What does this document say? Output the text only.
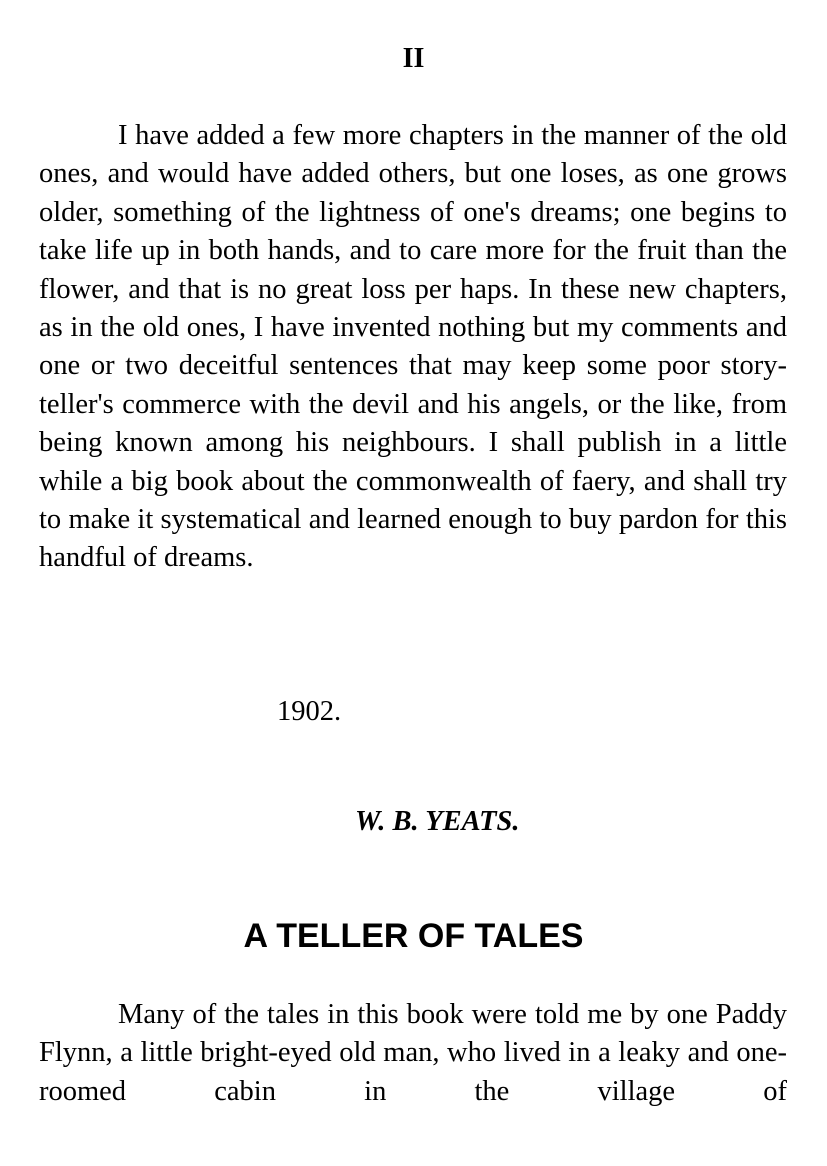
II

I have added a few more chapters in the manner of the old ones, and would have added others, but one loses, as one grows older, something of the lightness of one's dreams; one begins to take life up in both hands, and to care more for the fruit than the flower, and that is no great loss per haps. In these new chapters, as in the old ones, I have invented nothing but my comments and one or two deceitful sentences that may keep some poor story-teller's commerce with the devil and his angels, or the like, from being known among his neighbours. I shall publish in a little while a big book about the commonwealth of faery, and shall try to make it systematical and learned enough to buy pardon for this handful of dreams.

1902.

W. B. YEATS.

A TELLER OF TALES

Many of the tales in this book were told me by one Paddy Flynn, a little bright-eyed old man, who lived in a leaky and one-roomed cabin in the village of
